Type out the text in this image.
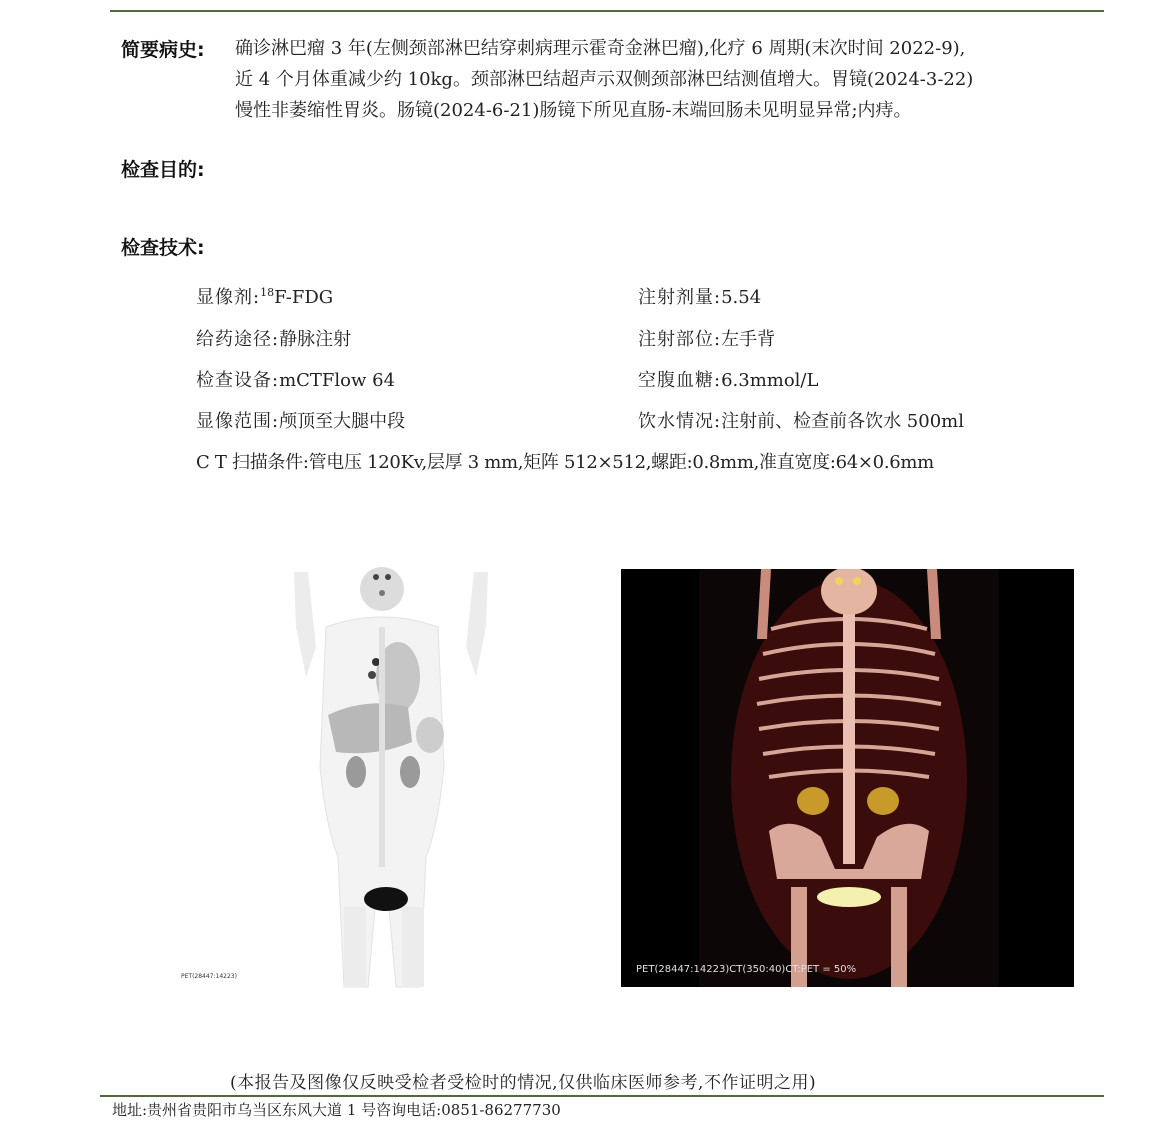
简要病史: 确诊淋巴瘤 3 年(左侧颈部淋巴结穿刺病理示霍奇金淋巴瘤),化疗 6 周期(末次时间 2022-9),
近 4 个月体重减少约 10kg。颈部淋巴结超声示双侧颈部淋巴结测值增大。胃镜(2024-3-22)
慢性非萎缩性胃炎。肠镜(2024-6-21)肠镜下所见直肠-末端回肠未见明显异常;内痔。
检查目的:
检查技术:
显像剂:$^{18}$F-FDG	注射剂量:5.54
给药途径:静脉注射	注射部位:左手背
检查设备:mCTFlow 64	空腹血糖:6.3mmol/L
显像范围:颅顶至大腿中段	饮水情况:注射前、检查前各饮水 500ml
C T 扫描条件:管电压 120Kv,层厚 3 mm,矩阵 512×512,螺距:0.8mm,准直宽度:64×0.6mm
PET(28447:14223)
PET(28447:14223)CT(350:40)CT:PET = 50%
(本报告及图像仅反映受检者受检时的情况,仅供临床医师参考,不作证明之用)
地址:贵州省贵阳市乌当区东风大道 1 号咨询电话:0851-86277730
